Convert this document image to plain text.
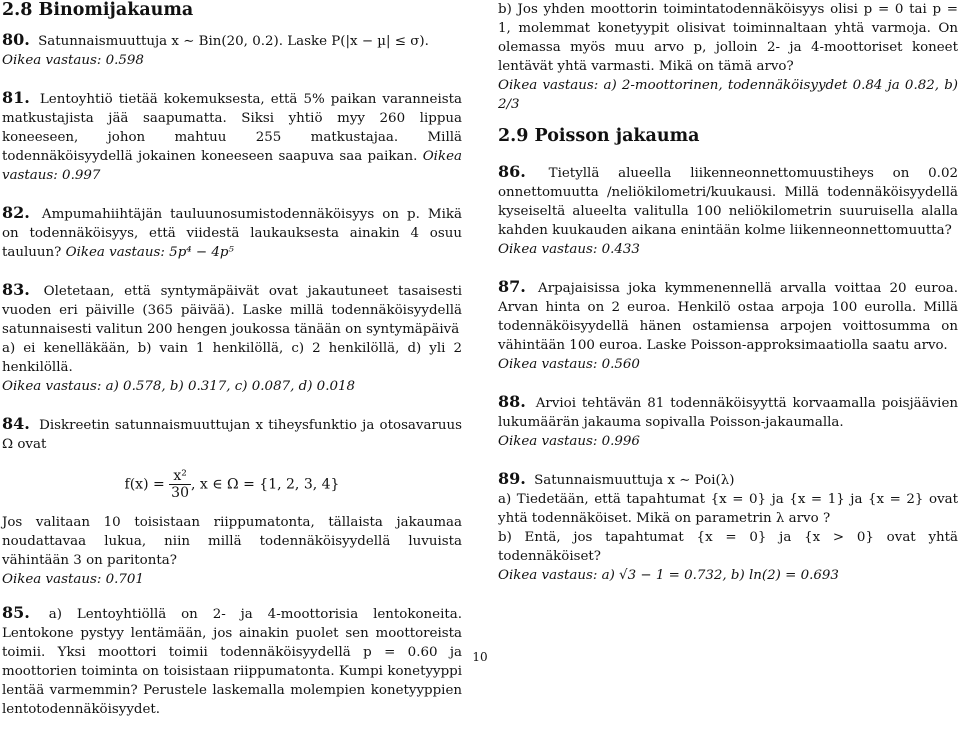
2.8 Binomijakauma

80. Satunnaismuuttuja x ∼ Bin(20, 0.2). Laske P(|x − µ| ≤ σ).

Oikea vastaus: 0.598

81. Lentoyhtiö tietää kokemuksesta, että 5% paikan varanneista matkustajista jää saapumatta. Siksi yhtiö myy 260 lippua koneeseen, johon mahtuu 255 matkustajaa. Millä todennäköisyydellä jokainen koneeseen saapuva saa paikan. Oikea vastaus: 0.997

82. Ampumahiihtäjän tauluunosumistodennäköisyys on p. Mikä on todennäköisyys, että viidestä laukauksesta ainakin 4 osuu tauluun? Oikea vastaus: 5p⁴ − 4p⁵

83. Oletetaan, että syntymäpäivät ovat jakautuneet tasaisesti vuoden eri päiville (365 päivää). Laske millä todennäköisyydellä satunnaisesti valitun 200 hengen joukossa tänään on syntymäpäivä

a) ei kenelläkään, b) vain 1 henkilöllä, c) 2 henkilöllä, d) yli 2 henkilöllä.

Oikea vastaus: a) 0.578, b) 0.317, c) 0.087, d) 0.018

84. Diskreetin satunnaismuuttujan x tiheysfunktio ja otosavaruus Ω ovat

$f(x) = \frac{\text{x²}}{30}$ , x ∈ Ω = {1, 2, 3, 4}

Jos valitaan 10 toisistaan riippumatonta, tällaista jakaumaa noudattavaa lukua, niin millä todennäköisyydellä luvuista vähintään 3 on paritonta?

Oikea vastaus: 0.701

85. a) Lentoyhtiöllä on 2- ja 4-moottorisia lentokoneita. Lentokone pystyy lentämään, jos ainakin puolet sen moottoreista toimii. Yksi moottori toimii todennäköisyydellä p = 0.60 ja moottorien toiminta on toisistaan riippumatonta. Kumpi konetyyppi lentää varmemmin? Perustele laskemalla molempien konetyyppien lentotodennäköisyydet.

b) Jos yhden moottorin toimintatodennäköisyys olisi p = 0 tai p = 1, molemmat konetyypit olisivat toiminnaltaan yhtä varmoja. On olemassa myös muu arvo p, jolloin 2- ja 4-moottoriset koneet lentävät yhtä varmasti. Mikä on tämä arvo?

Oikea vastaus: a) 2-moottorinen, todennäköisyydet 0.84 ja 0.82, b) 2/3

2.9 Poisson jakauma

86. Tietyllä alueella liikenneonnettomuustiheys on 0.02 onnettomuutta /neliökilometri/kuukausi. Millä todennäköisyydellä kyseiseltä alueelta valitulla 100 neliökilometrin suuruisella alalla kahden kuukauden aikana enintään kolme liikenneonnettomuutta?

Oikea vastaus: 0.433

87. Arpajaisissa joka kymmenennellä arvalla voittaa 20 euroa. Arvan hinta on 2 euroa. Henkilö ostaa arpoja 100 eurolla. Millä todennäköisyydellä hänen ostamiensa arpojen voittosumma on vähintään 100 euroa. Laske Poisson-approksimaatiolla saatu arvo.

Oikea vastaus: 0.560

88. Arvioi tehtävän 81 todennäköisyyttä korvaamalla poisjäävien lukumäärän jakauma sopivalla Poisson-jakaumalla.

Oikea vastaus: 0.996

89. Satunnaismuuttuja x ∼ Poi(λ)

a) Tiedetään, että tapahtumat {x = 0} ja {x = 1} ja {x = 2} ovat yhtä todennäköiset. Mikä on parametrin λ arvo ?

b) Entä, jos tapahtumat {x = 0} ja {x > 0} ovat yhtä todennäköiset?

Oikea vastaus: a) √3 − 1 = 0.732, b) ln(2) = 0.693

10
